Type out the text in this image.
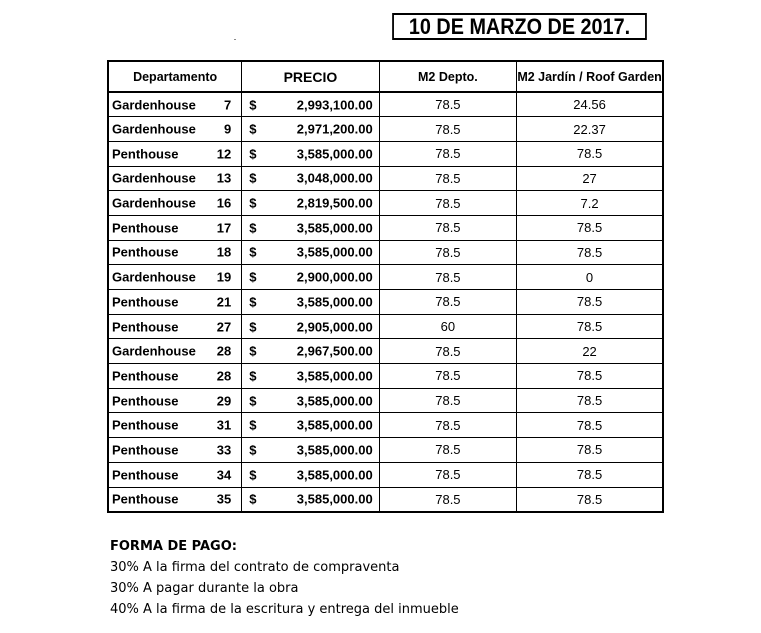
10 DE MARZO DE 2017.
Departamento	PRECIO	M2 Depto.	M2 Jardín / Roof Garden

Gardenhouse 7	$ 2,993,100.00	78.5	24.56

Gardenhouse 9	$ 2,971,200.00	78.5	22.37

Penthouse 12	$ 3,585,000.00	78.5	78.5

Gardenhouse 13	$ 3,048,000.00	78.5	27

Gardenhouse 16	$ 2,819,500.00	78.5	7.2

Penthouse 17	$ 3,585,000.00	78.5	78.5

Penthouse 18	$ 3,585,000.00	78.5	78.5

Gardenhouse 19	$ 2,900,000.00	78.5	0

Penthouse 21	$ 3,585,000.00	78.5	78.5

Penthouse 27	$ 2,905,000.00	60	78.5

Gardenhouse 28	$ 2,967,500.00	78.5	22

Penthouse 28	$ 3,585,000.00	78.5	78.5

Penthouse 29	$ 3,585,000.00	78.5	78.5

Penthouse 31	$ 3,585,000.00	78.5	78.5

Penthouse 33	$ 3,585,000.00	78.5	78.5

Penthouse 34	$ 3,585,000.00	78.5	78.5

Penthouse 35	$ 3,585,000.00	78.5	78.5
FORMA DE PAGO:
30% A la firma del contrato de compraventa
30% A pagar durante la obra
40% A la firma de la escritura y entrega del inmueble
